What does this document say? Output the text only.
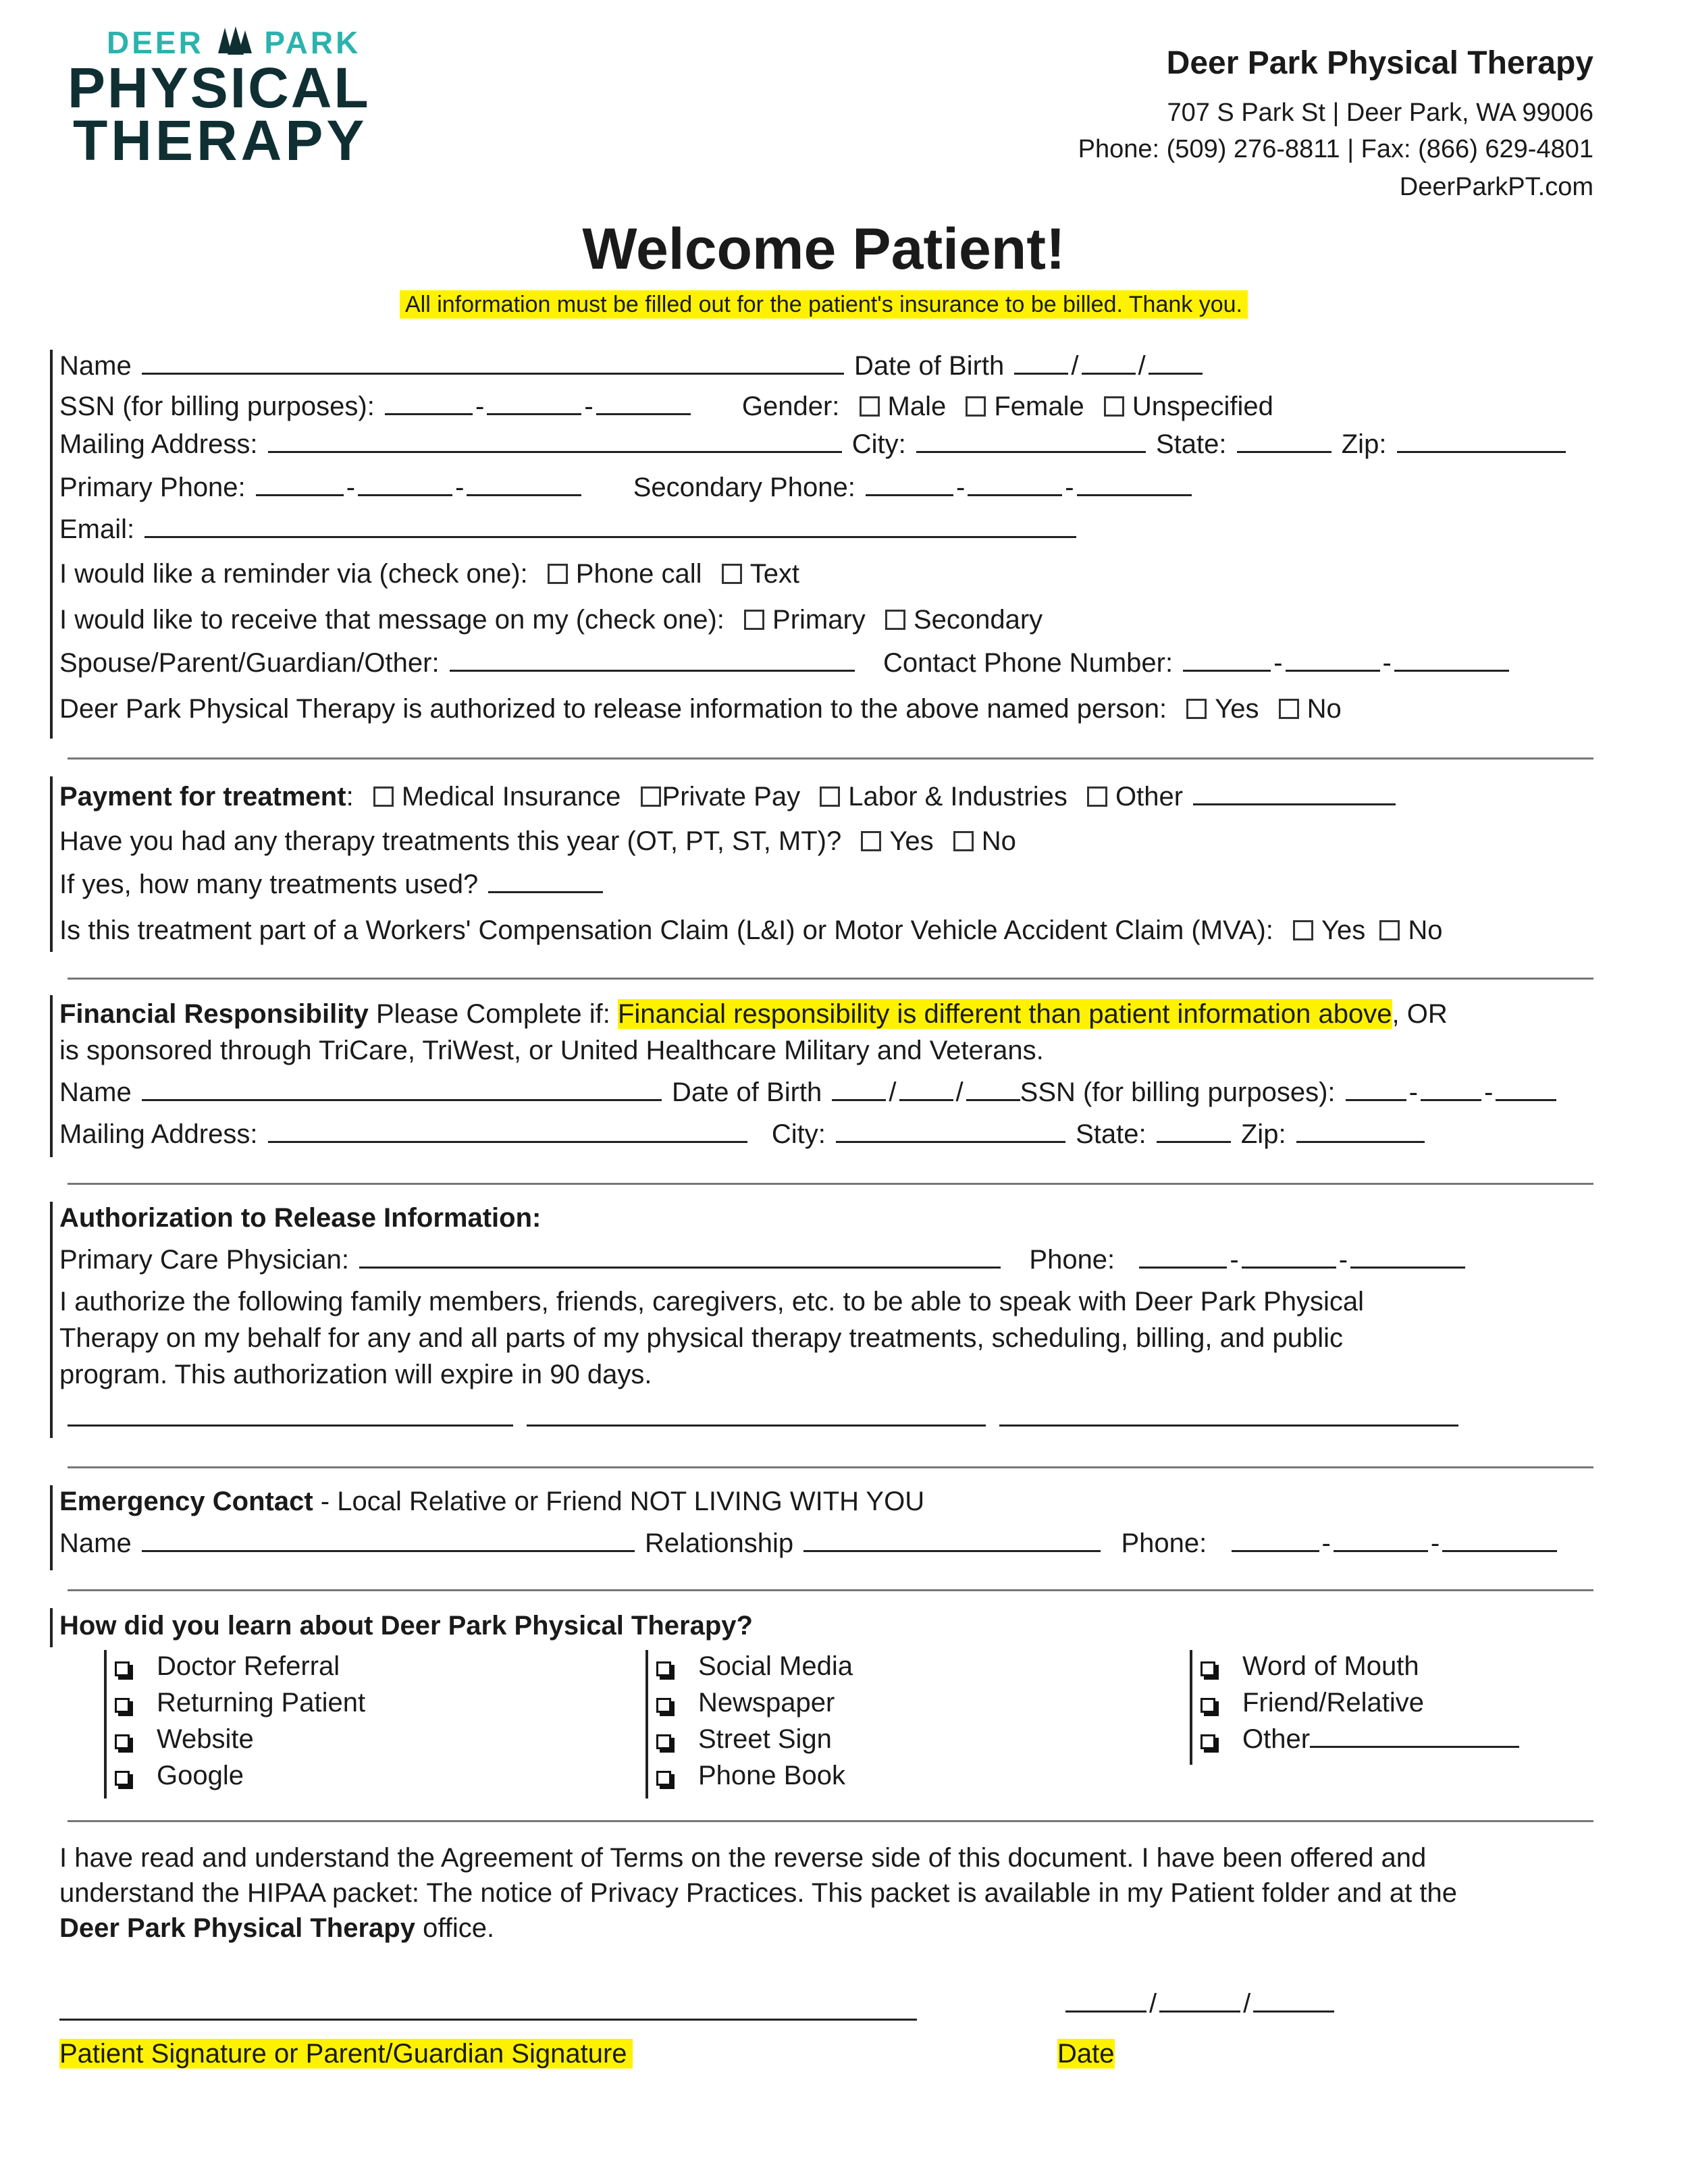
DEER PARK
PHYSICAL
THERAPY
Deer Park Physical Therapy
707 S Park St | Deer Park, WA 99006
Phone: (509) 276-8811 | Fax: (866) 629-4801
DeerParkPT.com
Welcome Patient!
All information must be filled out for the patient's insurance to be billed. Thank you.
Name	Date of Birth / /
SSN (for billing purposes):	-	-	Gender: Male Female Unspecified
Mailing Address:	City:	State:	Zip:
Primary Phone:	-	-	Secondary Phone:	-	-
Email:
I would like a reminder via (check one): Phone call Text
I would like to receive that message on my (check one): Primary Secondary
Spouse/Parent/Guardian/Other:	Contact Phone Number:	-	-
Deer Park Physical Therapy is authorized to release information to the above named person: Yes No
Payment for treatment: Medical Insurance Private Pay Labor & Industries Other
Have you had any therapy treatments this year (OT, PT, ST, MT)? Yes No
If yes, how many treatments used?
Is this treatment part of a Workers' Compensation Claim (L&I) or Motor Vehicle Accident Claim (MVA): Yes No
Financial Responsibility Please Complete if: Financial responsibility is different than patient information above, OR
is sponsored through TriCare, TriWest, or United Healthcare Military and Veterans.
Name	Date of Birth / / SSN (for billing purposes):	- -
Mailing Address:	City:	State:	Zip:
Authorization to Release Information:
Primary Care Physician:	Phone:	-	-
I authorize the following family members, friends, caregivers, etc. to be able to speak with Deer Park Physical
Therapy on my behalf for any and all parts of my physical therapy treatments, scheduling, billing, and public
program. This authorization will expire in 90 days.
Emergency Contact - Local Relative or Friend NOT LIVING WITH YOU
Name	Relationship	Phone:	-	-
How did you learn about Deer Park Physical Therapy?
Doctor Referral
Returning Patient
Website
Google
Social Media
Newspaper
Street Sign
Phone Book
Word of Mouth
Friend/Relative
Other
I have read and understand the Agreement of Terms on the reverse side of this document. I have been offered and
understand the HIPAA packet: The notice of Privacy Practices. This packet is available in my Patient folder and at the
Deer Park Physical Therapy office.
/	/
Patient Signature or Parent/Guardian Signature	Date
